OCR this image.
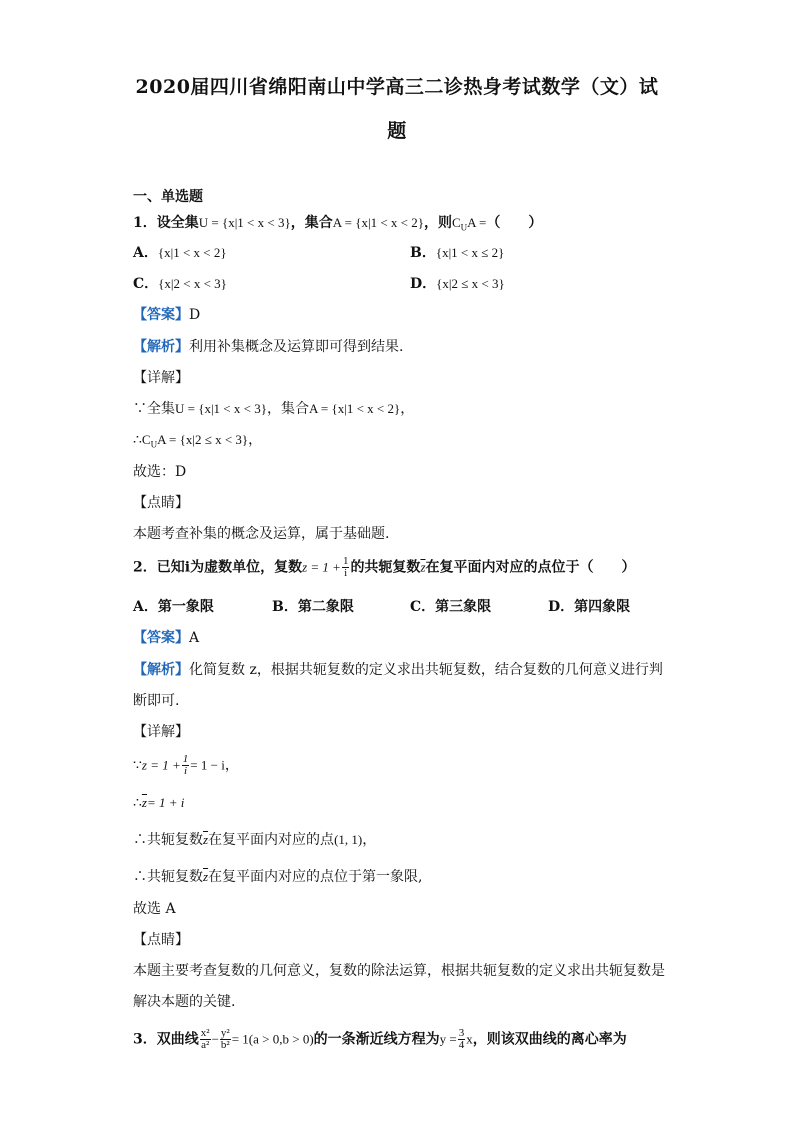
2020届四川省绵阳南山中学高三二诊热身考试数学（文）试
题
一、单选题
1．设全集U = {x|1 < x < 3}，集合A = {x|1 < x < 2}，则$C_UA$ =（　　）
A．{x|1 < x < 2}	B．{x|1 < x ≤ 2}
C．{x|2 < x < 3}	D．{x|2 ≤ x < 3}
【答案】D
【解析】利用补集概念及运算即可得到结果.
【详解】
∵全集U = {x|1 < x < 3}，集合A = {x|1 < x < 2}，
$\therefore C_UA = \{x|2 \le x < 3\}$，
故选：D
【点睛】
本题考查补集的概念及运算，属于基础题.
2．已知i为虚数单位，复数$z = 1 + \frac{1}{i}$ 的共轭复数$\overline{z}$在复平面内对应的点位于（　　）
A．第一象限	B．第二象限	C．第三象限	D．第四象限
【答案】A
【解析】化简复数 z，根据共轭复数的定义求出共轭复数，结合复数的几何意义进行判
断即可.
【详解】
∵z = $1 + \frac{1}{i} = 1 - i$，
$\therefore\overline{z}= 1 + i$
∴共轭复数$\overline{z}$在复平面内对应的点(1, 1)，
∴共轭复数$\overline{z}$在复平面内对应的点位于第一象限,
故选 A
【点睛】
本题主要考查复数的几何意义，复数的除法运算，根据共轭复数的定义求出共轭复数是
解决本题的关键.
3．双曲线 $\frac{\text{x²}}{\text{a²}} - \frac{\text{y²}}{\text{b²}} = 1(a > 0,b > 0)$的一条渐近线方程为$y = \frac{3}{4}$ x，则该双曲线的离心率为
